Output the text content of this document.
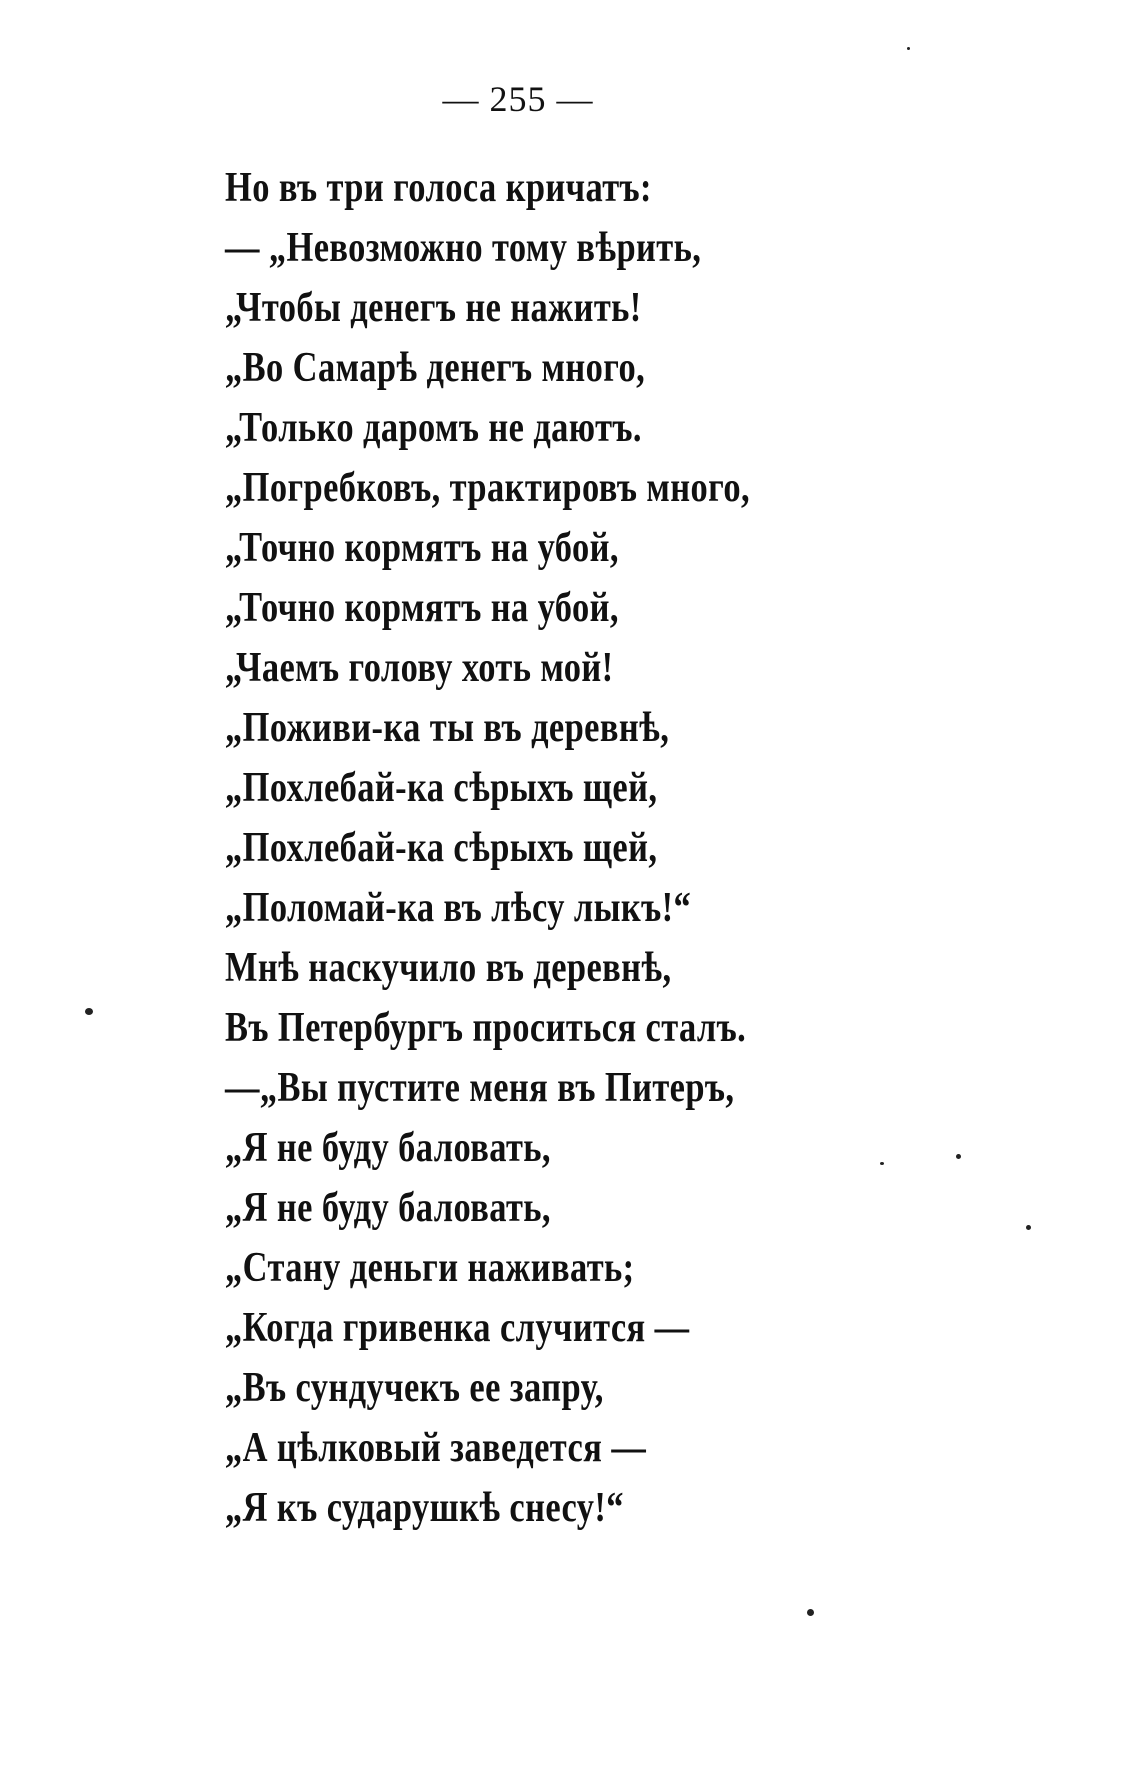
— 255 —
Но въ три голоса кричатъ:
— „Невозможно тому вѣрить,
„Чтобы денегъ не нажить!
„Во Самарѣ денегъ много,
„Только даромъ не даютъ.
„Погребковъ, трактировъ много,
„Точно кормятъ на убой,
„Точно кормятъ на убой,
„Чаемъ голову хоть мой!
„Поживи-ка ты въ деревнѣ,
„Похлебай-ка сѣрыхъ щей,
„Похлебай-ка сѣрыхъ щей,
„Поломай-ка въ лѣсу лыкъ!“
Мнѣ наскучило въ деревнѣ,
Въ Петербургъ проситься сталъ.
—„Вы пустите меня въ Питеръ,
„Я не буду баловать,
„Я не буду баловать,
„Стану деньги наживать;
„Когда гривенка случится —
„Въ сундучекъ ее запру,
„А цѣлковый заведется —
„Я къ сударушкѣ снесу!“
